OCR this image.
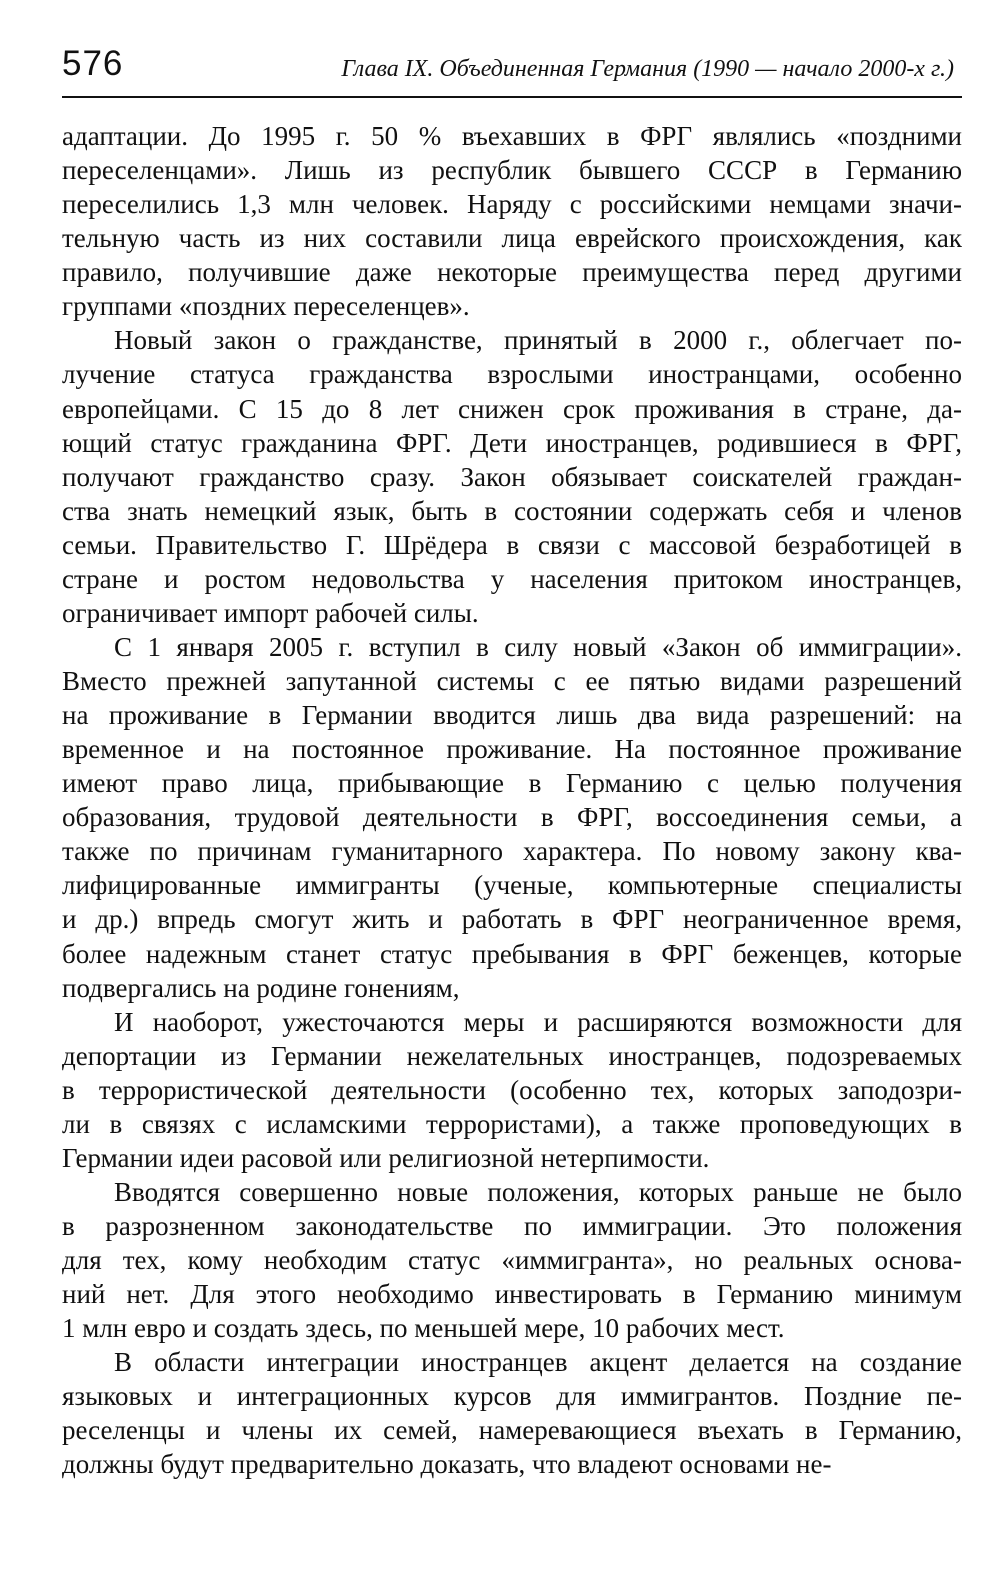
576	Глава IX. Объединенная Германия (1990 — начало 2000-х г.)
адаптации. До 1995 г. 50 % въехавших в ФРГ являлись «поздними
переселенцами». Лишь из республик бывшего СССР в Германию
переселились 1,3 млн человек. Наряду с российскими немцами значи-
тельную часть из них составили лица еврейского происхождения, как
правило, получившие даже некоторые преимущества перед другими
группами «поздних переселенцев».
Новый закон о гражданстве, принятый в 2000 г., облегчает по-
лучение статуса гражданства взрослыми иностранцами, особенно
европейцами. С 15 до 8 лет снижен срок проживания в стране, да-
ющий статус гражданина ФРГ. Дети иностранцев, родившиеся в ФРГ,
получают гражданство сразу. Закон обязывает соискателей граждан-
ства знать немецкий язык, быть в состоянии содержать себя и членов
семьи. Правительство Г. Шрёдера в связи с массовой безработицей в
стране и ростом недовольства у населения притоком иностранцев,
ограничивает импорт рабочей силы.
С 1 января 2005 г. вступил в силу новый «Закон об иммиграции».
Вместо прежней запутанной системы с ее пятью видами разрешений
на проживание в Германии вводится лишь два вида разрешений: на
временное и на постоянное проживание. На постоянное проживание
имеют право лица, прибывающие в Германию с целью получения
образования, трудовой деятельности в ФРГ, воссоединения семьи, а
также по причинам гуманитарного характера. По новому закону ква-
лифицированные иммигранты (ученые, компьютерные специалисты
и др.) впредь смогут жить и работать в ФРГ неограниченное время,
более надежным станет статус пребывания в ФРГ беженцев, которые
подвергались на родине гонениям,
И наоборот, ужесточаются меры и расширяются возможности для
депортации из Германии нежелательных иностранцев, подозреваемых
в террористической деятельности (особенно тех, которых заподозри-
ли в связях с исламскими террористами), а также проповедующих в
Германии идеи расовой или религиозной нетерпимости.
Вводятся совершенно новые положения, которых раньше не было
в разрозненном законодательстве по иммиграции. Это положения
для тех, кому необходим статус «иммигранта», но реальных основа-
ний нет. Для этого необходимо инвестировать в Германию минимум
1 млн евро и создать здесь, по меньшей мере, 10 рабочих мест.
В области интеграции иностранцев акцент делается на создание
языковых и интеграционных курсов для иммигрантов. Поздние пе-
реселенцы и члены их семей, намеревающиеся въехать в Германию,
должны будут предварительно доказать, что владеют основами не-
